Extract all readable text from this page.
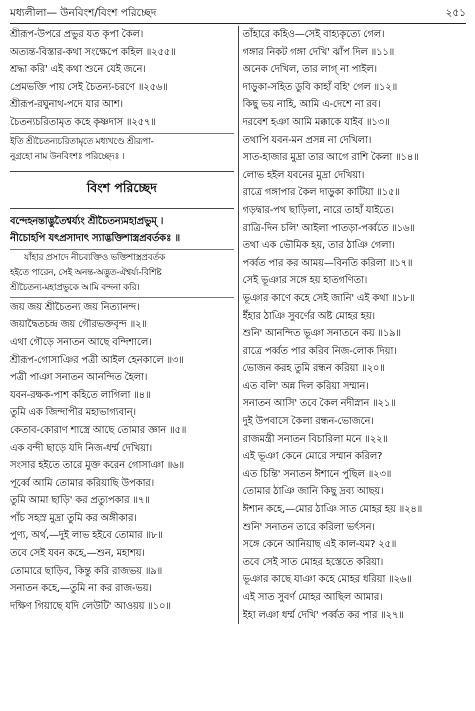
মধ্যলীলা— উনবিংশ/বিংশ পরিচ্ছেদ	২৫১
শ্রীরূপ-উপরে প্রভুর যত কৃপা কৈল।
অত্যন্ত-বিস্তার-কথা সংক্ষেপে কহিল ॥২৫৫॥
শ্রদ্ধা করি' এই কথা শুনে যেই জনে।
প্রেমভক্তি পায় সেই চৈতন্য-চরণে ॥২৫৬॥
শ্রীরূপ-রঘুনাথ-পদে যার আশ।
চৈতন্যচরিতামৃত কহে কৃষ্ণদাস ॥২৫৭॥
ইতি শ্রীচৈতন্যচরিতামৃতে মধ্যখণ্ডে শ্রীরূপা-
নুগ্রহো নাম উনবিংশঃ পরিচ্ছেদঃ ।
বিংশ পরিচ্ছেদ
বন্দেহনন্তাদ্ভুতৈশ্বর্য্যং শ্রীচৈতন্যমহাপ্রভুম্ ।
নীচোহপি যৎপ্রসাদাৎ স্যাদ্ভক্তিশাস্ত্রপ্রবর্তকঃ ॥
যাঁহার প্রসাদে নীচব্যক্তিও ভক্তিশাস্ত্রপ্রবর্তক
হইতে পারেন, সেই অনন্ত-অদ্ভুত-ঐশ্বর্য্য-বিশিষ্ট
শ্রীচৈতন্য-মহাপ্রভুকে আমি বন্দনা করি।
জয় জয় শ্রীচৈতন্য জয় নিত্যানন্দ।
জয়াদ্বৈতচন্দ্র জয় গৌরভক্তবৃন্দ ॥২॥
এথা গৌড়ে সনাতন আছে বন্দিশালে।
শ্রীরূপ-গোসাঞির পত্রী আইল হেনকালে ॥৩॥
পত্রী পাঞা সনাতন আনন্দিত হৈলা।
যবন-রক্ষক-পাশ কহিতে লাগিলা ॥৪॥
তুমি এক জিন্দাপীর মহাভাগ্যবান্।
কেতাব-কোরাণ শাস্ত্রে আছে তোমার জ্ঞান ॥৫॥
এক বন্দী ছাড়ে যদি নিজ-ধর্ম্ম দেখিয়া।
সংসার হইতে তারে মুক্ত করেন গোসাঞা ॥৬॥
পূর্ব্বে আমি তোমার করিয়াছি উপকার।
তুমি আমা ছাড়ি' কর প্রত্যুপকার ॥৭॥
পাঁচ সহস্র মুদ্রা তুমি কর অঙ্গীকার।
পুণ্য, অর্থ,—দুই লাভ হইবে তোমার ॥৮॥
তবে সেই যবন কহে,—শুন, মহাশয়।
তোমারে ছাড়িব, কিন্তু করি রাজভয় ॥৯॥
সনাতন কহে,—তুমি না কর রাজ-ভয়।
দক্ষিণ গিয়াছে যদি লেউটি' আওয়য় ॥১০॥
তাঁহারে কহিও—সেই বাহ্যকৃত্যে গেল।
গঙ্গার নিকট গঙ্গা দেখি' ঝাঁপ দিল ॥১১॥
অনেক দেখিল, তার লাগ্ না পাইল।
দাড়ুকা-সহিত ডুবি কাহাঁ বহি' গেল ॥১২॥
কিছু ভয় নাহি, আমি এ-দেশে না রব।
দরবেশ হঞা আমি মক্কাকে যাইব ॥১৩॥
তথাপি যবন-মন প্রসন্ন না দেখিলা।
সাত-হাজার মুদ্রা তার আগে রাশি কৈলা ॥১৪॥
লোভ হইল যবনের মুদ্রা দেখিয়া।
রাত্রে গঙ্গাপার কৈল দাড়ুকা কাটিয়া ॥১৫॥
গড়দ্বার-পথ ছাড়িলা, নারে তাহাঁ যাইতে।
রাত্রি-দিন চলি' আইলা পাতড়া-পর্ব্বতে ॥১৬॥
তথা এক ভৌমিক হয়, তার ঠাঞি গেলা।
পর্ব্বত পার কর আময়—বিনতি করিলা ॥১৭॥
সেই ভূঞার সঙ্গে হয় হাতগণিতা।
ভূঞার কাণে কহে সেই জানি' এই কথা ॥১৮॥
ইঁহার ঠাঞি সুবর্ণের অষ্ট মোহর হয়।
শুনি' আনন্দিত ভূঞা সনাতনে কয় ॥১৯॥
রাত্রে পর্ব্বত পার করিব নিজ-লোক দিয়া।
ভোজন করহ তুমি রন্ধন করিয়া ॥২০॥
এত বলি' অন্ন দিল করিয়া সম্মান।
সনাতন আসি' তবে কৈল নদীস্নান ॥২১॥
দুই উপবাসে কৈলা রন্ধন-ভোজনে।
রাজমন্ত্রী সনাতন বিচারিলা মনে ॥২২॥
এই ভূঞা কেনে মোরে সম্মান করিল?
এত চিন্তি' সনাতন ঈশানে পুছিল ॥২৩॥
তোমার ঠাঞি জানি কিছু দ্রব্য আছয়।
ঈশান কহে,—মোর ঠাঞি সাত মোহর হয় ॥২৪॥
শুনি' সনাতন তারে করিলা ভর্ৎসন।
সঙ্গে কেনে আনিয়াছ এই কাল-যম? ২৫॥
তবে সেই সাত মোহর হস্তেতে করিয়া।
ভূঞার কাছে যাঞা কহে মোহর ধরিয়া ॥২৬॥
এই সাত সুবর্ণ মোহর আছিল আমার।
ইহা লঞা ধর্ম্ম দেখি' পর্ব্বত কর পার ॥২৭॥
